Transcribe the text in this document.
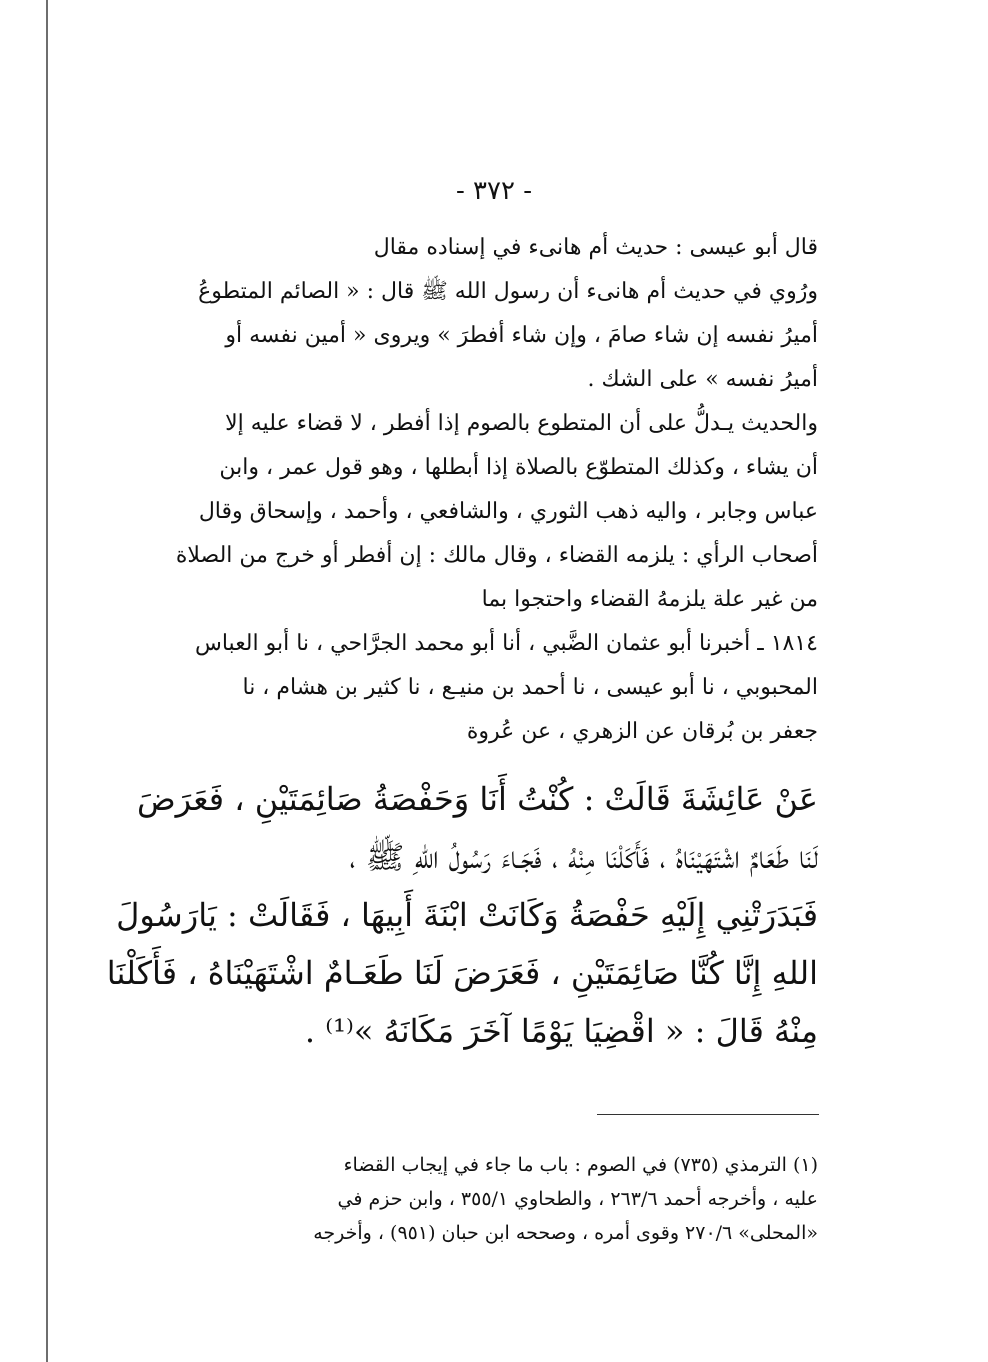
- ٣٧٢ -
قال أبو عيسى : حديث أم هانىء في إسناده مقال
ورُوي في حديث أم هانىء أن رسول الله ﷺ قال : « الصائم المتطوعُ
أميرُ نفسه إن شاء صامَ ، وإن شاء أفطرَ » ويروى « أمين نفسه أو
أميرُ نفسه » على الشك .
والحديث يـدلُّ على أن المتطوع بالصوم إذا أفطر ، لا قضاء عليه إلا
أن يشاء ، وكذلك المتطوّع بالصلاة إذا أبطلها ، وهو قول عمر ، وابن
عباس وجابر ، واليه ذهب الثوري ، والشافعي ، وأحمد ، وإسحاق وقال
أصحاب الرأي : يلزمه القضاء ، وقال مالك : إن أفطر أو خرج من الصلاة
من غير علة يلزمهُ القضاء واحتجوا بما
١٨١٤ ـ أخبرنا أبو عثمان الضَّبي ، أنا أبو محمد الجرَّاحي ، نا أبو العباس
المحبوبي ، نا أبو عيسى ، نا أحمد بن منيـع ، نا كثير بن هشام ، نا
جعفر بن بُرقان عن الزهري ، عن عُروة
عَنْ عَائِشَةَ قَالَتْ : كُنْتُ أَنَا وَحَفْصَةُ صَائِمَتَيْنِ ، فَعَرَضَ
لَنَا طَعَامٌ اشْتَهَيْنَاهُ ، فَأَكَلْنَا مِنْهُ ، فَجَـاءَ رَسُولُ اللهِ ﷺ ،
فَبَدَرَتْنِي إِلَيْهِ حَفْصَةُ وَكَانَتْ ابْنَةَ أَبِيهَا ، فَقَالَتْ : يَارَسُولَ
اللهِ إِنَّا كُنَّا صَائِمَتَيْنِ ، فَعَرَضَ لَنَا طَعَـامٌ اشْتَهَيْنَاهُ ، فَأَكَلْنَا
مِنْهُ قَالَ : « اقْضِيَا يَوْمًا آخَرَ مَكَانَهُ »⁽¹⁾ .
(١) الترمذي (٧٣٥) في الصوم : باب ما جاء في إيجاب القضاء
عليه ، وأخرجه أحمد ٢٦٣/٦ ، والطحاوي ٣٥٥/١ ، وابن حزم في
«المحلى» ٢٧٠/٦ وقوى أمره ، وصححه ابن حبان (٩٥١) ، وأخرجه
